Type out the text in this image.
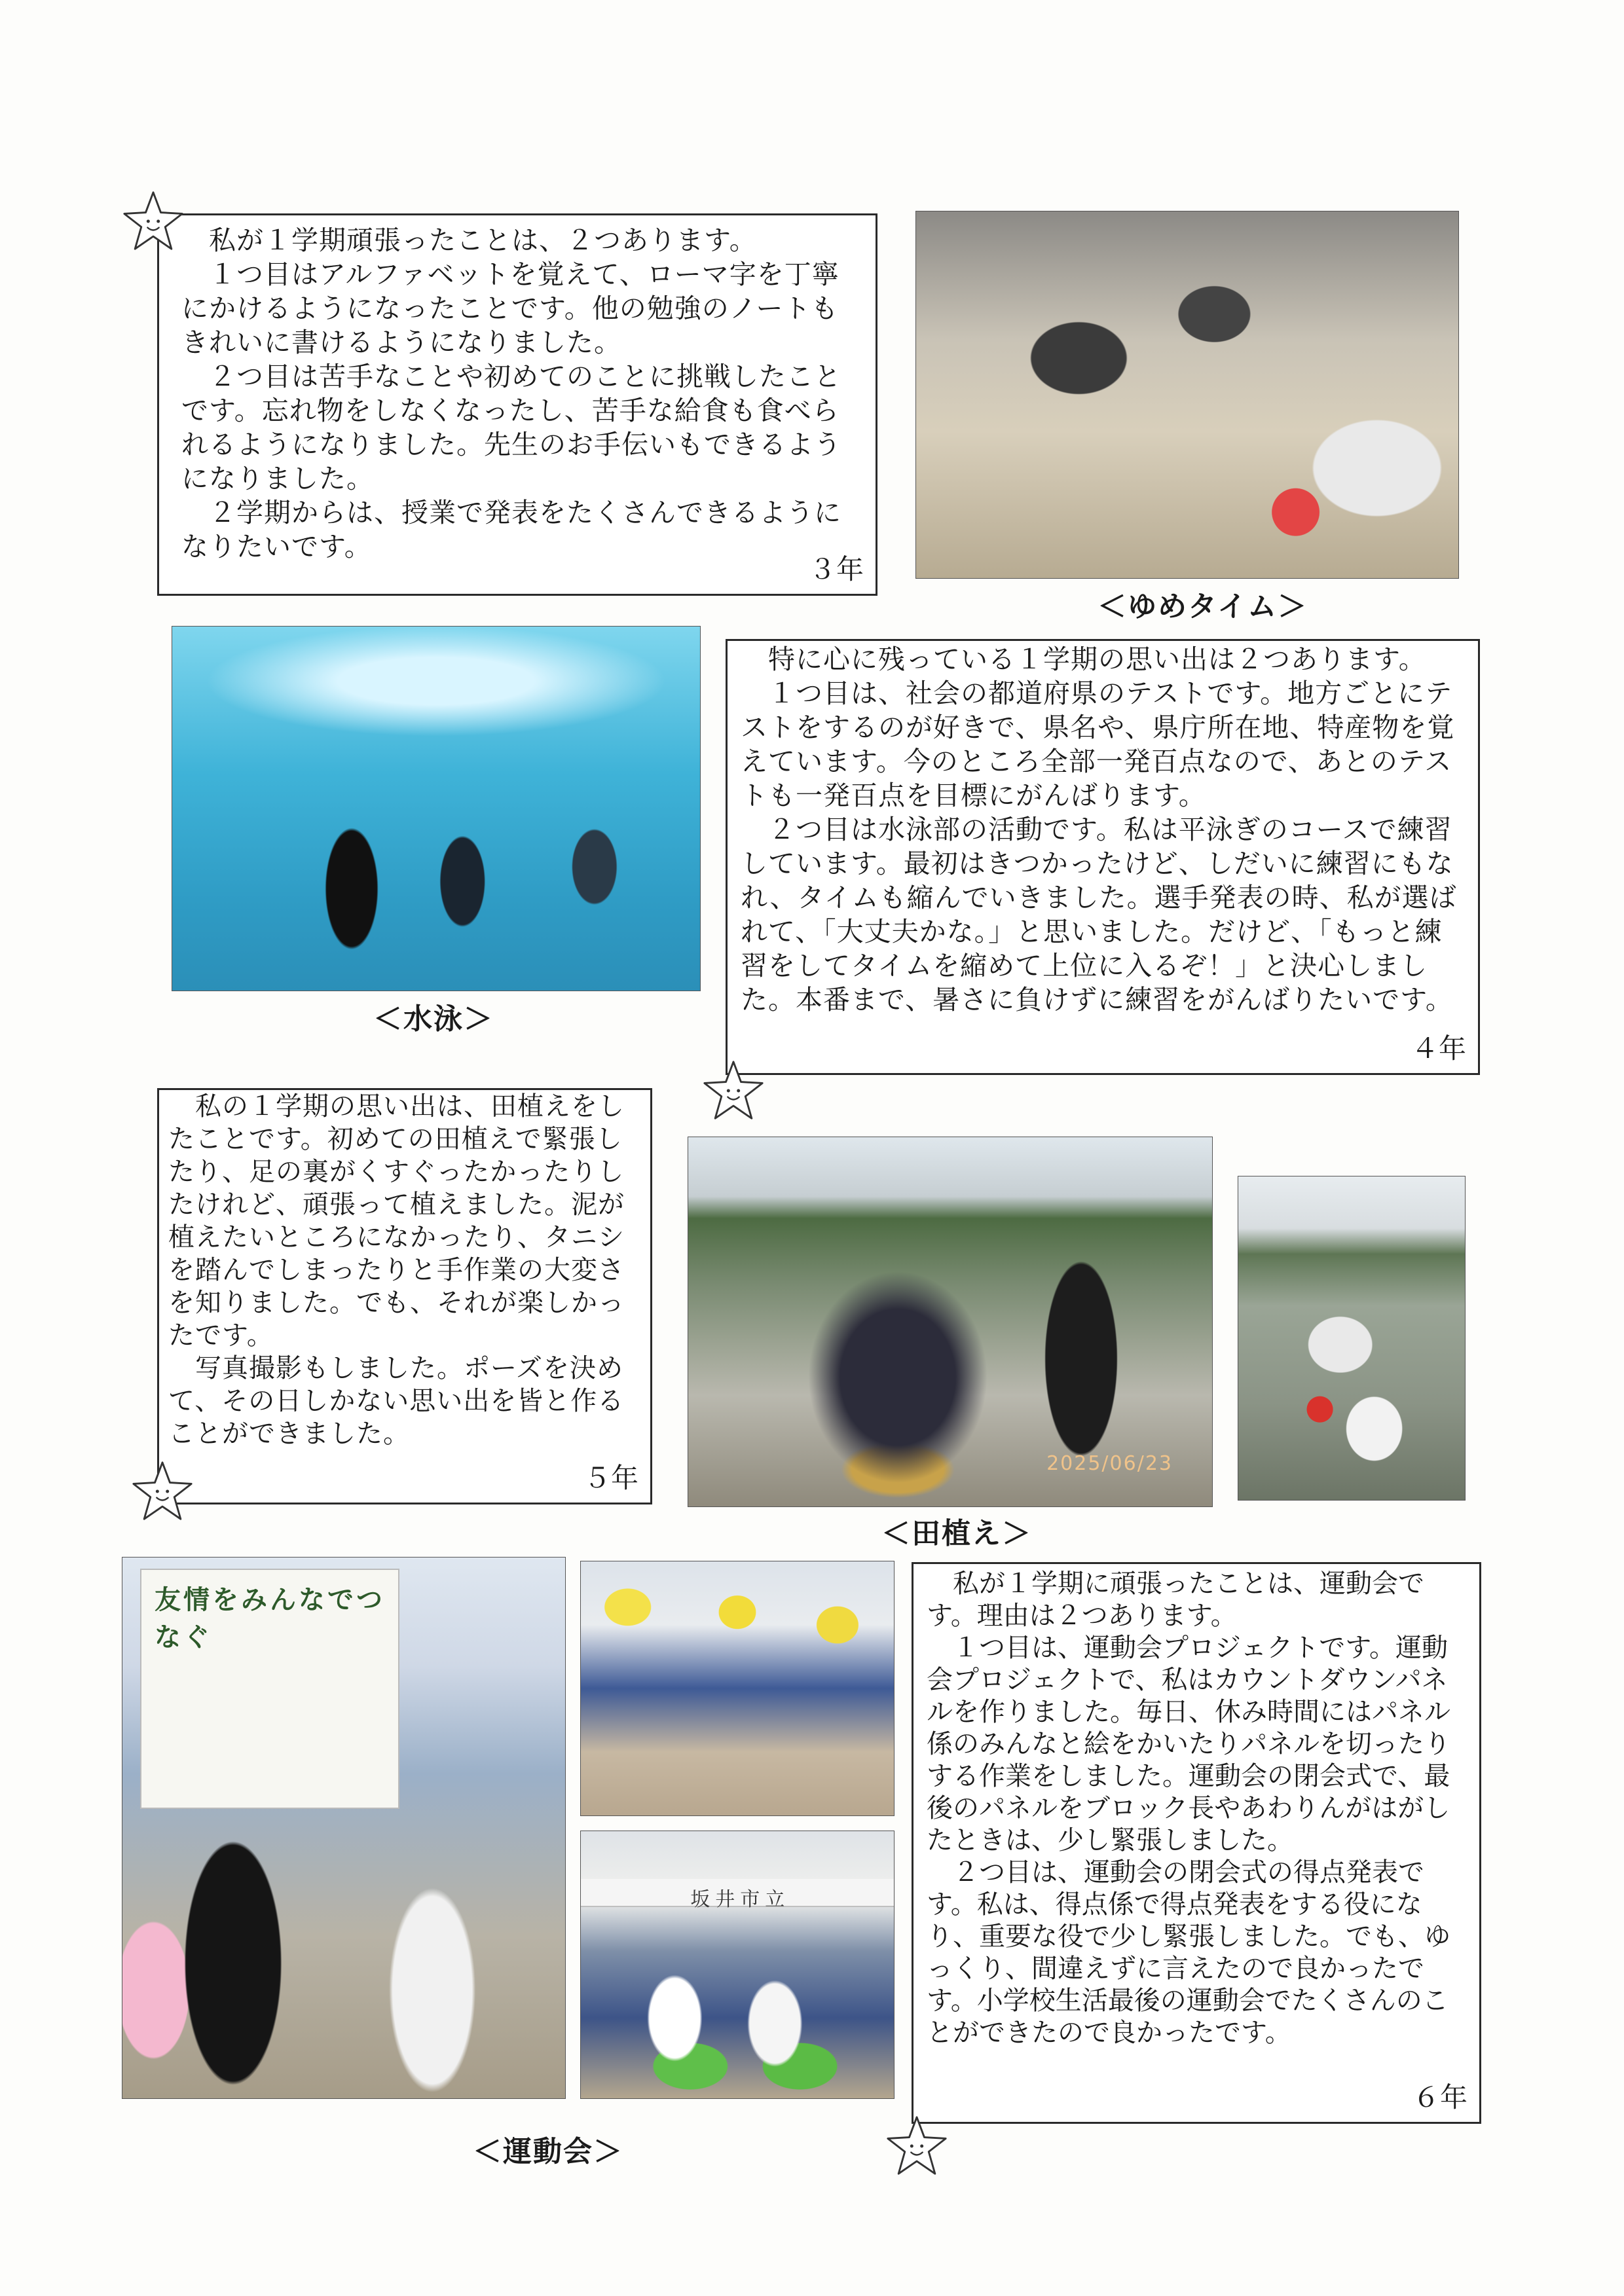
　私が１学期頑張ったことは、２つあります。

　１つ目はアルファベットを覚えて、ローマ字を丁寧にかけるようになったことです。他の勉強のノートもきれいに書けるようになりました。

　２つ目は苦手なことや初めてのことに挑戦したことです。忘れ物をしなくなったし、苦手な給食も食べられるようになりました。先生のお手伝いもできるようになりました。

　２学期からは、授業で発表をたくさんできるようになりたいです。

３年
＜ゆめタイム＞
＜水泳＞

　特に心に残っている１学期の思い出は２つあります。

　１つ目は、社会の都道府県のテストです。地方ごとにテストをするのが好きで、県名や、県庁所在地、特産物を覚えています。今のところ全部一発百点なので、あとのテストも一発百点を目標にがんばります。

　２つ目は水泳部の活動です。私は平泳ぎのコースで練習しています。最初はきつかったけど、しだいに練習にもなれ、タイムも縮んでいきました。選手発表の時、私が選ばれて、「大丈夫かな。」と思いました。だけど、「もっと練習をしてタイムを縮めて上位に入るぞ！」と決心しました。本番まで、暑さに負けずに練習をがんばりたいです。

４年

　私の１学期の思い出は、田植えをしたことです。初めての田植えで緊張したり、足の裏がくすぐったかったりしたけれど、頑張って植えました。泥が植えたいところになかったり、タニシを踏んでしまったりと手作業の大変さを知りました。でも、それが楽しかったです。

　写真撮影もしました。ポーズを決めて、その日しかない思い出を皆と作ることができました。

５年	2025/06/23
＜田植え＞
友情をみんなでつなぐ
坂井市立
＜運動会＞

　私が１学期に頑張ったことは、運動会です。理由は２つあります。

　１つ目は、運動会プロジェクトです。運動会プロジェクトで、私はカウントダウンパネルを作りました。毎日、休み時間にはパネル係のみんなと絵をかいたりパネルを切ったりする作業をしました。運動会の閉会式で、最後のパネルをブロック長やあわりんがはがしたときは、少し緊張しました。

　２つ目は、運動会の閉会式の得点発表です。私は、得点係で得点発表をする役になり、重要な役で少し緊張しました。でも、ゆっくり、間違えずに言えたので良かったです。小学校生活最後の運動会でたくさんのことができたので良かったです。

６年
